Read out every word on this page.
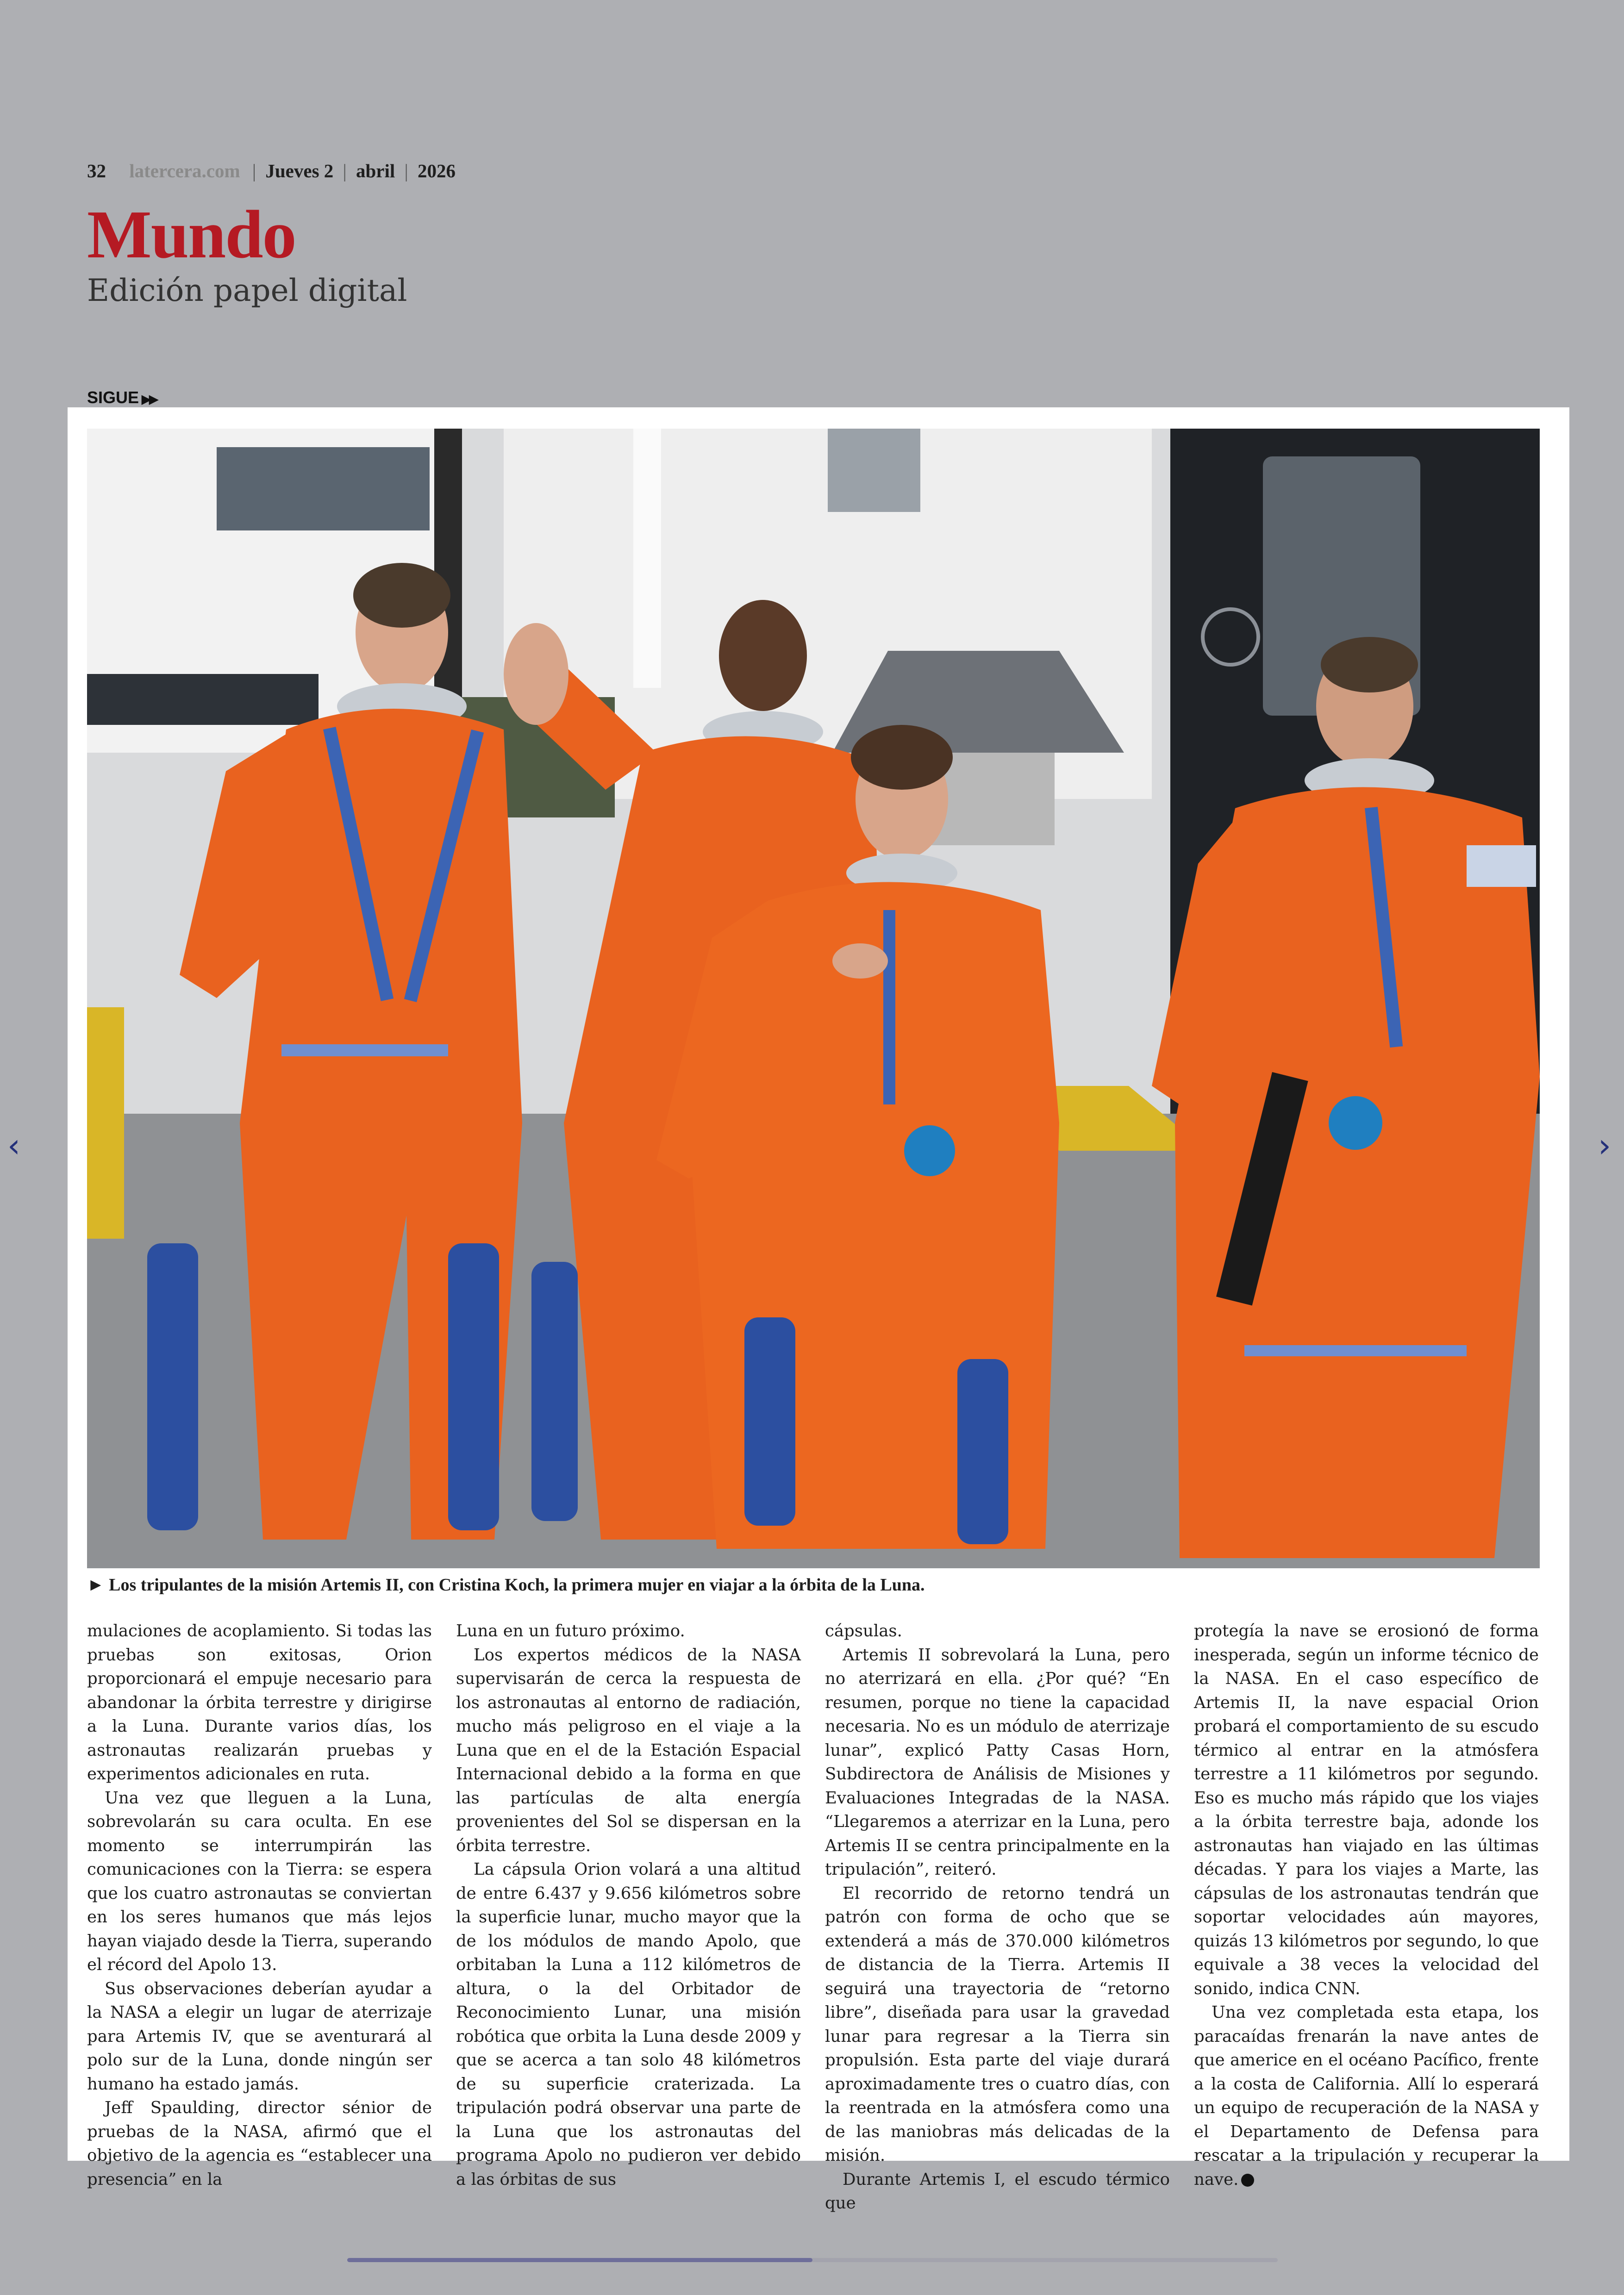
32 latercera.com | Jueves 2 | abril | 2026
Mundo
Edición papel digital
SIGUE ▶▶
► Los tripulantes de la misión Artemis II, con Cristina Koch, la primera mujer en viajar a la órbita de la Luna.

mulaciones de acoplamiento. Si todas las pruebas son exitosas, Orion proporcionará el empuje necesario para abandonar la órbita terrestre y dirigirse a la Luna. Durante varios días, los astronautas realizarán pruebas y experimentos adicionales en ruta.

Una vez que lleguen a la Luna, sobrevolarán su cara oculta. En ese momento se interrumpirán las comunicaciones con la Tierra: se espera que los cuatro astronautas se conviertan en los seres humanos que más lejos hayan viajado desde la Tierra, superando el récord del Apolo 13.

Sus observaciones deberían ayudar a la NASA a elegir un lugar de aterrizaje para Artemis IV, que se aventurará al polo sur de la Luna, donde ningún ser humano ha estado jamás.

Jeff Spaulding, director sénior de pruebas de la NASA, afirmó que el objetivo de la agencia es “establecer una presencia” en la

Luna en un futuro próximo.

Los expertos médicos de la NASA supervisarán de cerca la respuesta de los astronautas al entorno de radiación, mucho más peligroso en el viaje a la Luna que en el de la Estación Espacial Internacional debido a la forma en que las partículas de alta energía provenientes del Sol se dispersan en la órbita terrestre.

La cápsula Orion volará a una altitud de entre 6.437 y 9.656 kilómetros sobre la superficie lunar, mucho mayor que la de los módulos de mando Apolo, que orbitaban la Luna a 112 kilómetros de altura, o la del Orbitador de Reconocimiento Lunar, una misión robótica que orbita la Luna desde 2009 y que se acerca a tan solo 48 kilómetros de su superficie craterizada. La tripulación podrá observar una parte de la Luna que los astronautas del programa Apolo no pudieron ver debido a las órbitas de sus

cápsulas.

Artemis II sobrevolará la Luna, pero no aterrizará en ella. ¿Por qué? “En resumen, porque no tiene la capacidad necesaria. No es un módulo de aterrizaje lunar”, explicó Patty Casas Horn, Subdirectora de Análisis de Misiones y Evaluaciones Integradas de la NASA. “Llegaremos a aterrizar en la Luna, pero Artemis II se centra principalmente en la tripulación”, reiteró.

El recorrido de retorno tendrá un patrón con forma de ocho que se extenderá a más de 370.000 kilómetros de distancia de la Tierra. Artemis II seguirá una trayectoria de “retorno libre”, diseñada para usar la gravedad lunar para regresar a la Tierra sin propulsión. Esta parte del viaje durará aproximadamente tres o cuatro días, con la reentrada en la atmósfera como una de las maniobras más delicadas de la misión.

Durante Artemis I, el escudo térmico que

protegía la nave se erosionó de forma inesperada, según un informe técnico de la NASA. En el caso específico de Artemis II, la nave espacial Orion probará el comportamiento de su escudo térmico al entrar en la atmósfera terrestre a 11 kilómetros por segundo. Eso es mucho más rápido que los viajes a la órbita terrestre baja, adonde los astronautas han viajado en las últimas décadas. Y para los viajes a Marte, las cápsulas de los astronautas tendrán que soportar velocidades aún mayores, quizás 13 kilómetros por segundo, lo que equivale a 38 veces la velocidad del sonido, indica CNN.

Una vez completada esta etapa, los paracaídas frenarán la nave antes de que americe en el océano Pacífico, frente a la costa de California. Allí lo esperará un equipo de recuperación de la NASA y el Departamento de Defensa para rescatar a la tripulación y recuperar la nave.

‹	›
